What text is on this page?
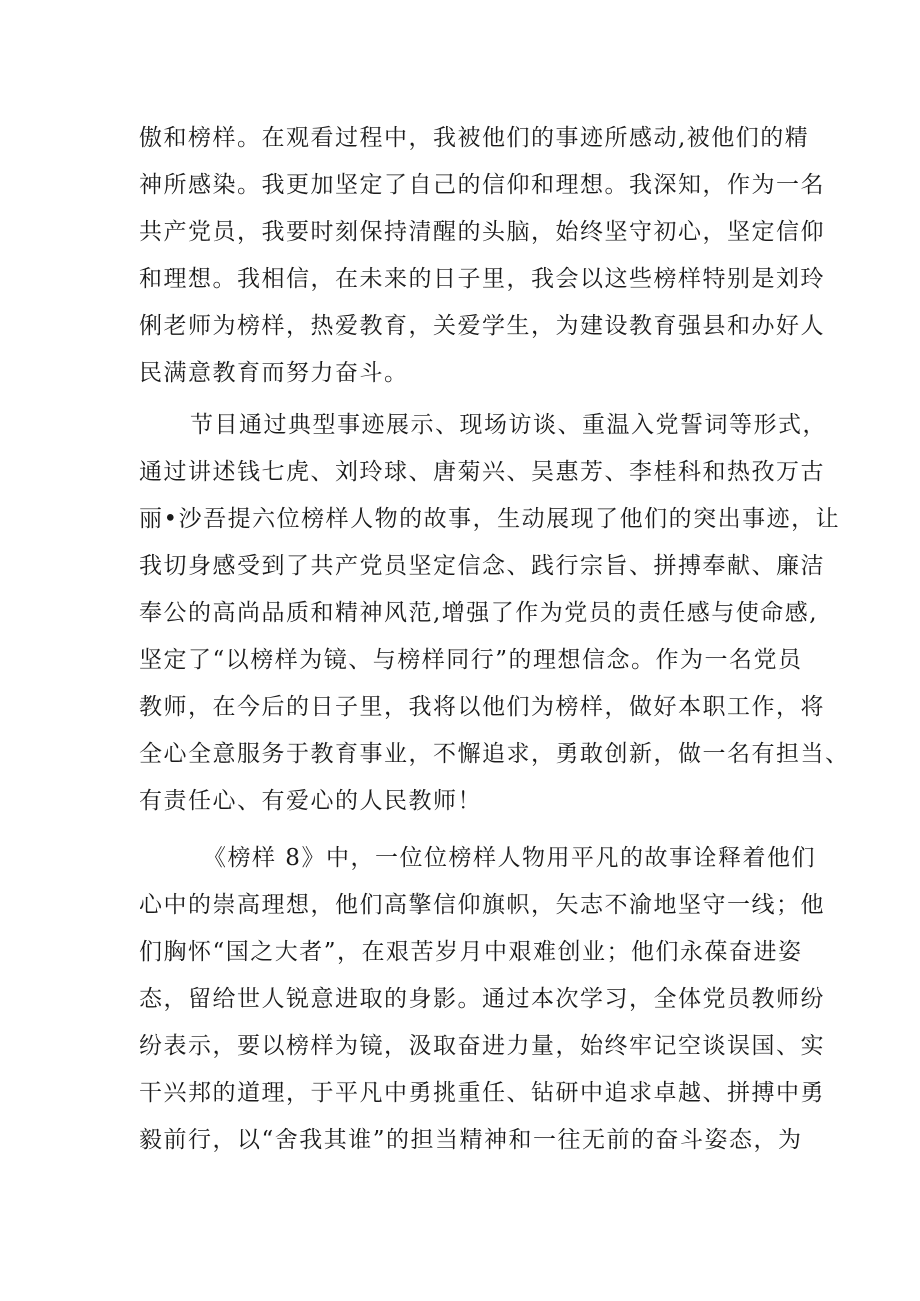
傲和榜样。在观看过程中，我被他们的事迹所感动,被他们的精
神所感染。我更加坚定了自己的信仰和理想。我深知，作为一名
共产党员，我要时刻保持清醒的头脑，始终坚守初心，坚定信仰
和理想。我相信，在未来的日子里，我会以这些榜样特别是刘玲
俐老师为榜样，热爱教育，关爱学生，为建设教育强县和办好人
民满意教育而努力奋斗。
节目通过典型事迹展示、现场访谈、重温入党誓词等形式，
通过讲述钱七虎、刘玲球、唐菊兴、吴惠芳、李桂科和热孜万古
丽•沙吾提六位榜样人物的故事，生动展现了他们的突出事迹，让
我切身感受到了共产党员坚定信念、践行宗旨、拼搏奉献、廉洁
奉公的高尚品质和精神风范,增强了作为党员的责任感与使命感,
坚定了“以榜样为镜、与榜样同行”的理想信念。作为一名党员
教师，在今后的日子里，我将以他们为榜样，做好本职工作，将
全心全意服务于教育事业，不懈追求，勇敢创新，做一名有担当、
有责任心、有爱心的人民教师！
《榜样 8》中，一位位榜样人物用平凡的故事诠释着他们
心中的崇高理想，他们高擎信仰旗帜，矢志不渝地坚守一线；他
们胸怀“国之大者”，在艰苦岁月中艰难创业；他们永葆奋进姿
态，留给世人锐意进取的身影。通过本次学习，全体党员教师纷
纷表示，要以榜样为镜，汲取奋进力量，始终牢记空谈误国、实
干兴邦的道理，于平凡中勇挑重任、钻研中追求卓越、拼搏中勇
毅前行，以“舍我其谁”的担当精神和一往无前的奋斗姿态，为
